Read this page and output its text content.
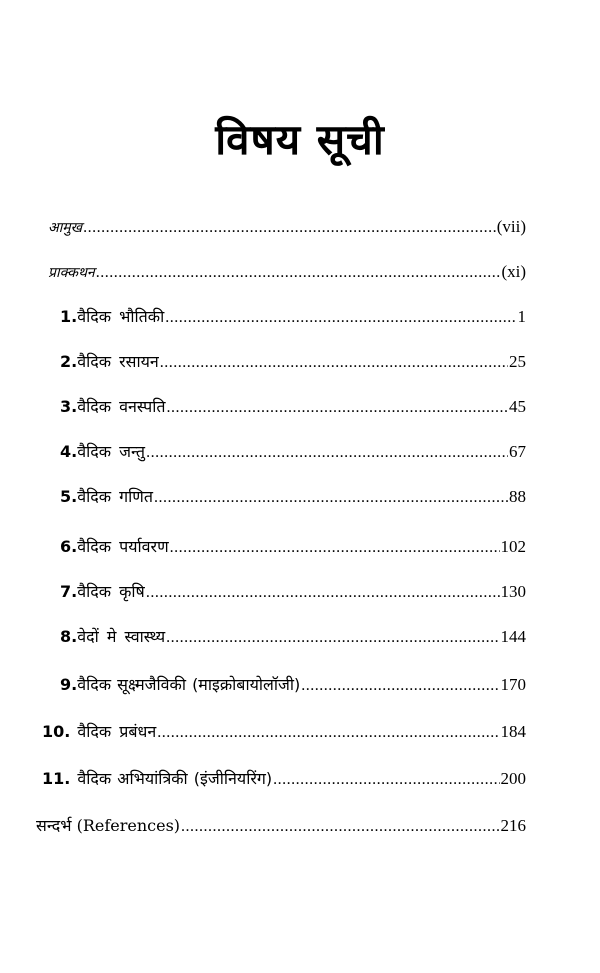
विषय सूची
आमुख .....	(vii)
प्राक्कथन .....	(xi)
1. वैदिक भौतिकी .....	1
2. वैदिक रसायन .....	25
3. वैदिक वनस्पति .....	45
4. वैदिक जन्तु .....	67
5. वैदिक गणित .....	88
6. वैदिक पर्यावरण .....	102
7. वैदिक कृषि .....	130
8. वेदों मे स्वास्थ्य .....	144
9. वैदिक सूक्ष्मजैविकी (माइक्रोबायोलॉजी) .....	170
10. वैदिक प्रबंधन .....	184
11. वैदिक अभियांत्रिकी (इंजीनियरिंग) .....	200
सन्दर्भ (References) .....	216
